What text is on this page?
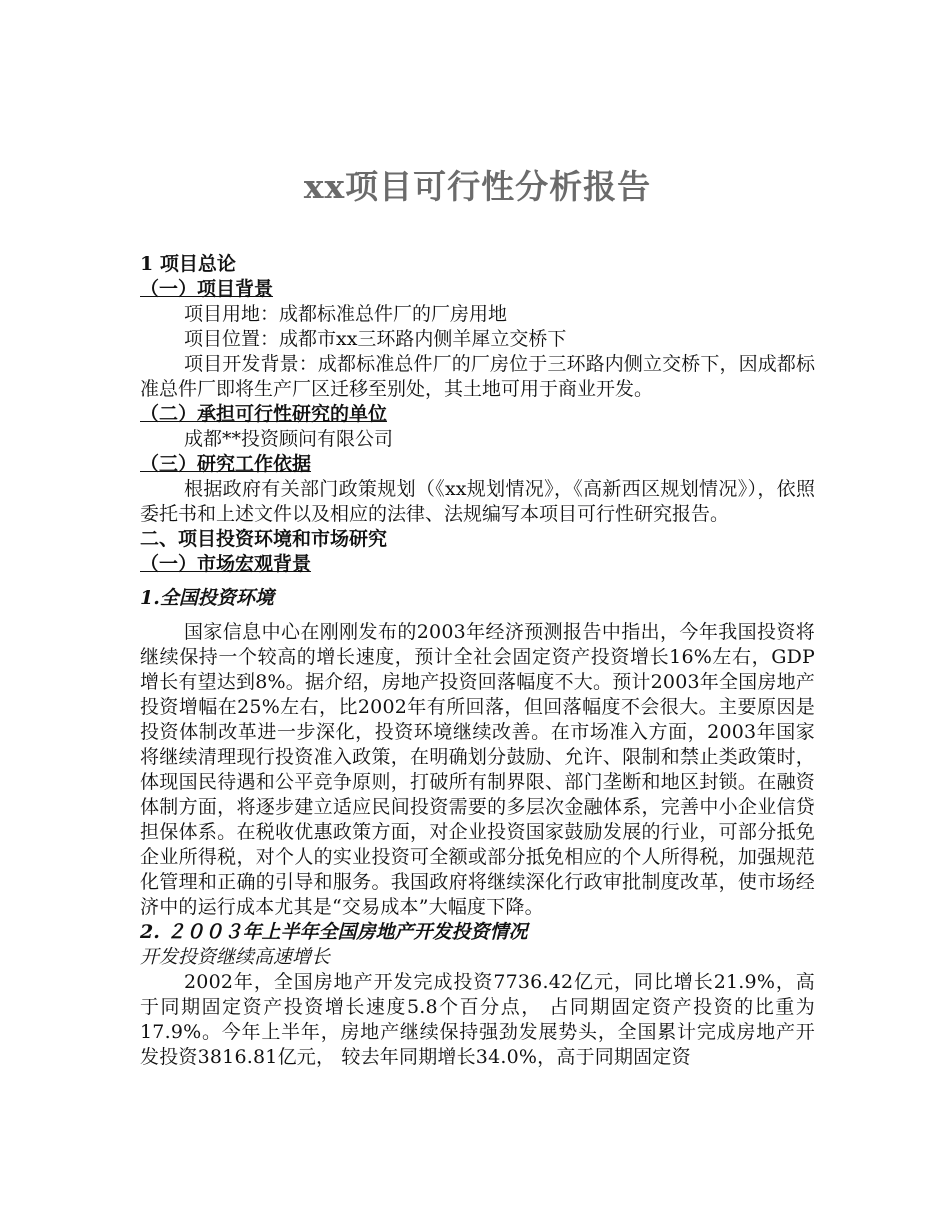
xx项目可行性分析报告

1 项目总论

（一）项目背景

项目用地：成都标准总件厂的厂房用地

项目位置：成都市xx三环路内侧羊犀立交桥下

项目开发背景：成都标准总件厂的厂房位于三环路内侧立交桥下，因成都标准总件厂即将生产厂区迁移至别处，其土地可用于商业开发。

（二）承担可行性研究的单位

成都**投资顾问有限公司

（三）研究工作依据

根据政府有关部门政策规划（《xx规划情况》，《高新西区规划情况》），依照委托书和上述文件以及相应的法律、法规编写本项目可行性研究报告。

二、项目投资环境和市场研究

（一）市场宏观背景

1.全国投资环境

国家信息中心在刚刚发布的2003年经济预测报告中指出，今年我国投资将继续保持一个较高的增长速度，预计全社会固定资产投资增长16%左右，GDP增长有望达到8%。据介绍，房地产投资回落幅度不大。预计2003年全国房地产投资增幅在25%左右，比2002年有所回落，但回落幅度不会很大。主要原因是投资体制改革进一步深化，投资环境继续改善。在市场准入方面，2003年国家将继续清理现行投资准入政策，在明确划分鼓励、允许、限制和禁止类政策时，体现国民待遇和公平竞争原则，打破所有制界限、部门垄断和地区封锁。在融资体制方面，将逐步建立适应民间投资需要的多层次金融体系，完善中小企业信贷担保体系。在税收优惠政策方面，对企业投资国家鼓励发展的行业，可部分抵免企业所得税，对个人的实业投资可全额或部分抵免相应的个人所得税，加强规范化管理和正确的引导和服务。我国政府将继续深化行政审批制度改革，使市场经济中的运行成本尤其是“交易成本”大幅度下降。

2. ２００３年上半年全国房地产开发投资情况

开发投资继续高速增长

2002年，全国房地产开发完成投资7736.42亿元，同比增长21.9%，高于同期固定资产投资增长速度5.8个百分点， 占同期固定资产投资的比重为17.9%。今年上半年，房地产继续保持强劲发展势头，全国累计完成房地产开发投资3816.81亿元， 较去年同期增长34.0%，高于同期固定资
